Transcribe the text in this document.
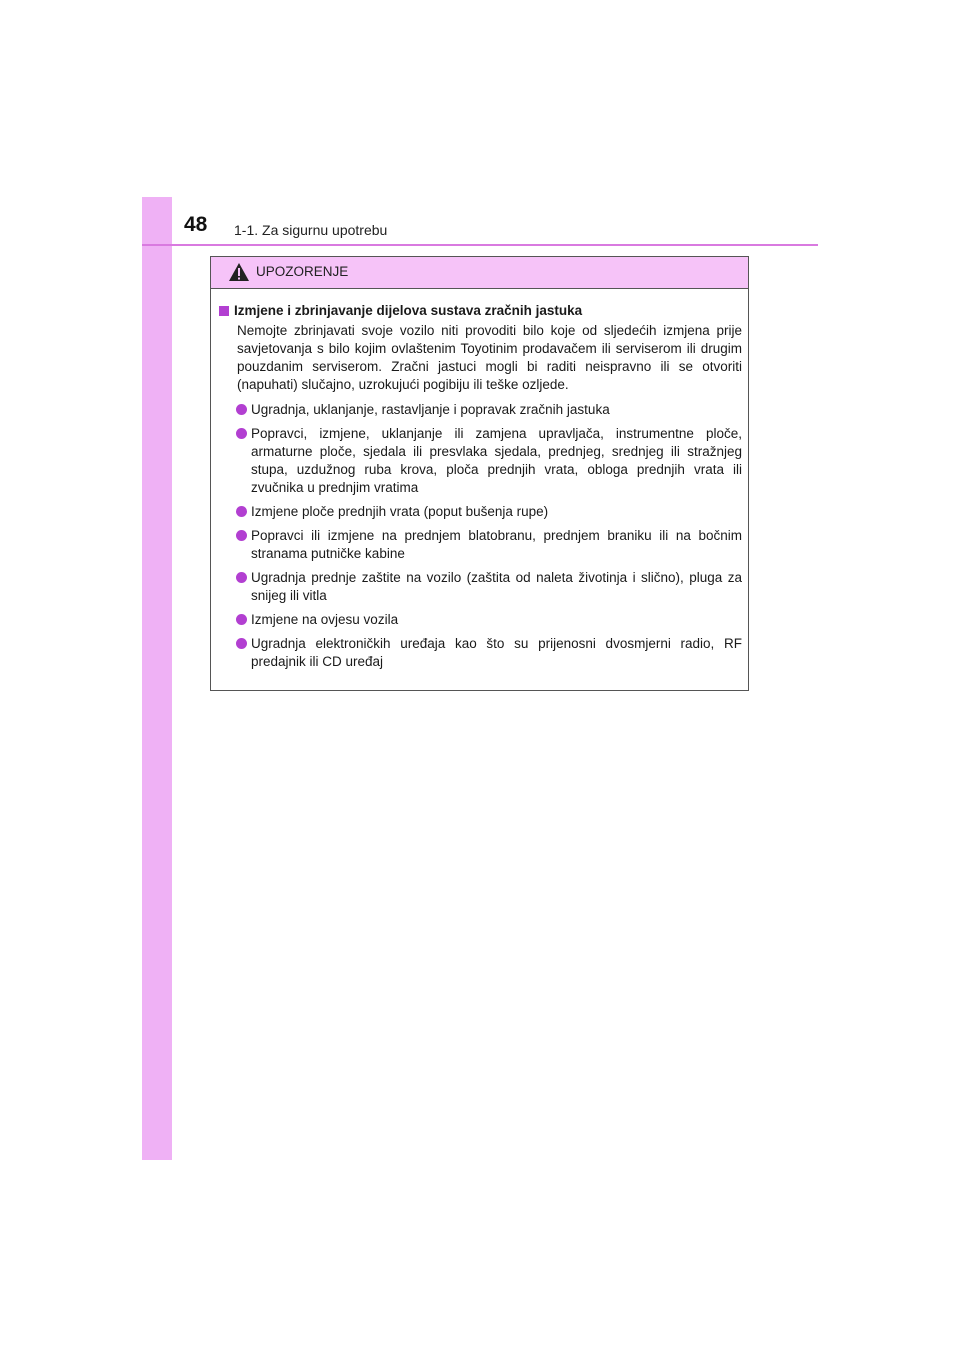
48 1-1. Za sigurnu upotrebu
UPOZORENJE
Izmjene i zbrinjavanje dijelova sustava zračnih jastuka

Nemojte zbrinjavati svoje vozilo niti provoditi bilo koje od sljedećih izmjena prije savjetovanja s bilo kojim ovlaštenim Toyotinim prodavačem ili serviserom ili drugim pouzdanim serviserom. Zračni jastuci mogli bi raditi neispravno ili se otvoriti (napuhati) slučajno, uzrokujući pogibiju ili teške ozljede.

Ugradnja, uklanjanje, rastavljanje i popravak zračnih jastuka
Popravci, izmjene, uklanjanje ili zamjena upravljača, instrumentne ploče, armaturne ploče, sjedala ili presvlaka sjedala, prednjeg, srednjeg ili stražnjeg stupa, uzdužnog ruba krova, ploča prednjih vrata, obloga prednjih vrata ili zvučnika u prednjim vratima
Izmjene ploče prednjih vrata (poput bušenja rupe)
Popravci ili izmjene na prednjem blatobranu, prednjem braniku ili na bočnim stranama putničke kabine
Ugradnja prednje zaštite na vozilo (zaštita od naleta životinja i slično), pluga za snijeg ili vitla
Izmjene na ovjesu vozila
Ugradnja elektroničkih uređaja kao što su prijenosni dvosmjerni radio, RF predajnik ili CD uređaj
